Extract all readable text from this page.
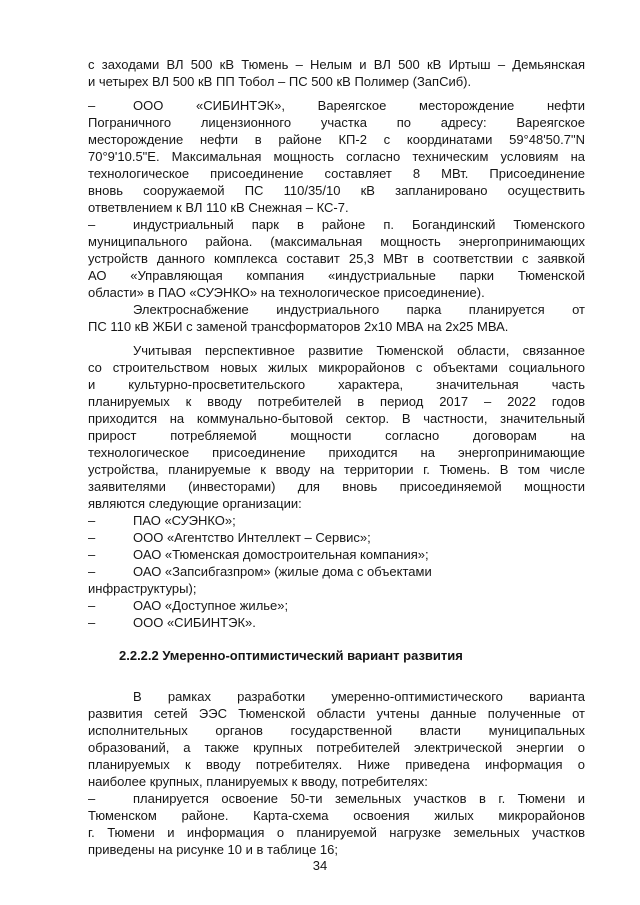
с заходами ВЛ 500 кВ Тюмень – Нелым и ВЛ 500 кВ Иртыш – Демьянская
и четырех ВЛ 500 кВ ПП Тобол – ПС 500 кВ Полимер (ЗапСиб).
–	ООО «СИБИНТЭК», Вареягское месторождение нефти
Пограничного лицензионного участка по адресу: Вареягское
месторождение нефти в районе КП-2 с координатами 59°48'50.7"N
70°9'10.5"E. Максимальная мощность согласно техническим условиям на
технологическое присоединение составляет 8 МВт. Присоединение
вновь сооружаемой ПС 110/35/10 кВ запланировано осуществить
ответвлением к ВЛ 110 кВ Снежная – КС-7.
–	индустриальный парк в районе п. Богандинский Тюменского
муниципального района. (максимальная мощность энергопринимающих
устройств данного комплекса составит 25,3 МВт в соответствии с заявкой
АО «Управляющая компания «индустриальные парки Тюменской
области» в ПАО «СУЭНКО» на технологическое присоединение).
Электроснабжение индустриального парка планируется от
ПС 110 кВ ЖБИ с заменой трансформаторов 2х10 МВА на 2х25 МВА.
Учитывая перспективное развитие Тюменской области, связанное
со строительством новых жилых микрорайонов с объектами социального
и культурно-просветительского характера, значительная часть
планируемых к вводу потребителей в период 2017 – 2022 годов
приходится на коммунально-бытовой сектор. В частности, значительный
прирост потребляемой мощности согласно договорам на
технологическое присоединение приходится на энергопринимающие
устройства, планируемые к вводу на территории г. Тюмень. В том числе
заявителями (инвесторами) для вновь присоединяемой мощности
являются следующие организации:
–	ПАО «СУЭНКО»;
–	ООО «Агентство Интеллект – Сервис»;
–	ОАО «Тюменская домостроительная компания»;
–	ОАО «Запсибгазпром» (жилые дома с объектами
инфраструктуры);
–	ОАО «Доступное жилье»;
–	ООО «СИБИНТЭК».
В рамках разработки умеренно-оптимистического варианта
развития сетей ЭЭС Тюменской области учтены данные полученные от
исполнительных органов государственной власти муниципальных
образований, а также крупных потребителей электрической энергии о
планируемых к вводу потребителях. Ниже приведена информация о
наиболее крупных, планируемых к вводу, потребителях:
–	планируется освоение 50-ти земельных участков в г. Тюмени и
Тюменском районе. Карта-схема освоения жилых микрорайонов
г. Тюмени и информация о планируемой нагрузке земельных участков
приведены на рисунке 10 и в таблице 16;
2.2.2.2 Умеренно-оптимистический вариант развития
34
